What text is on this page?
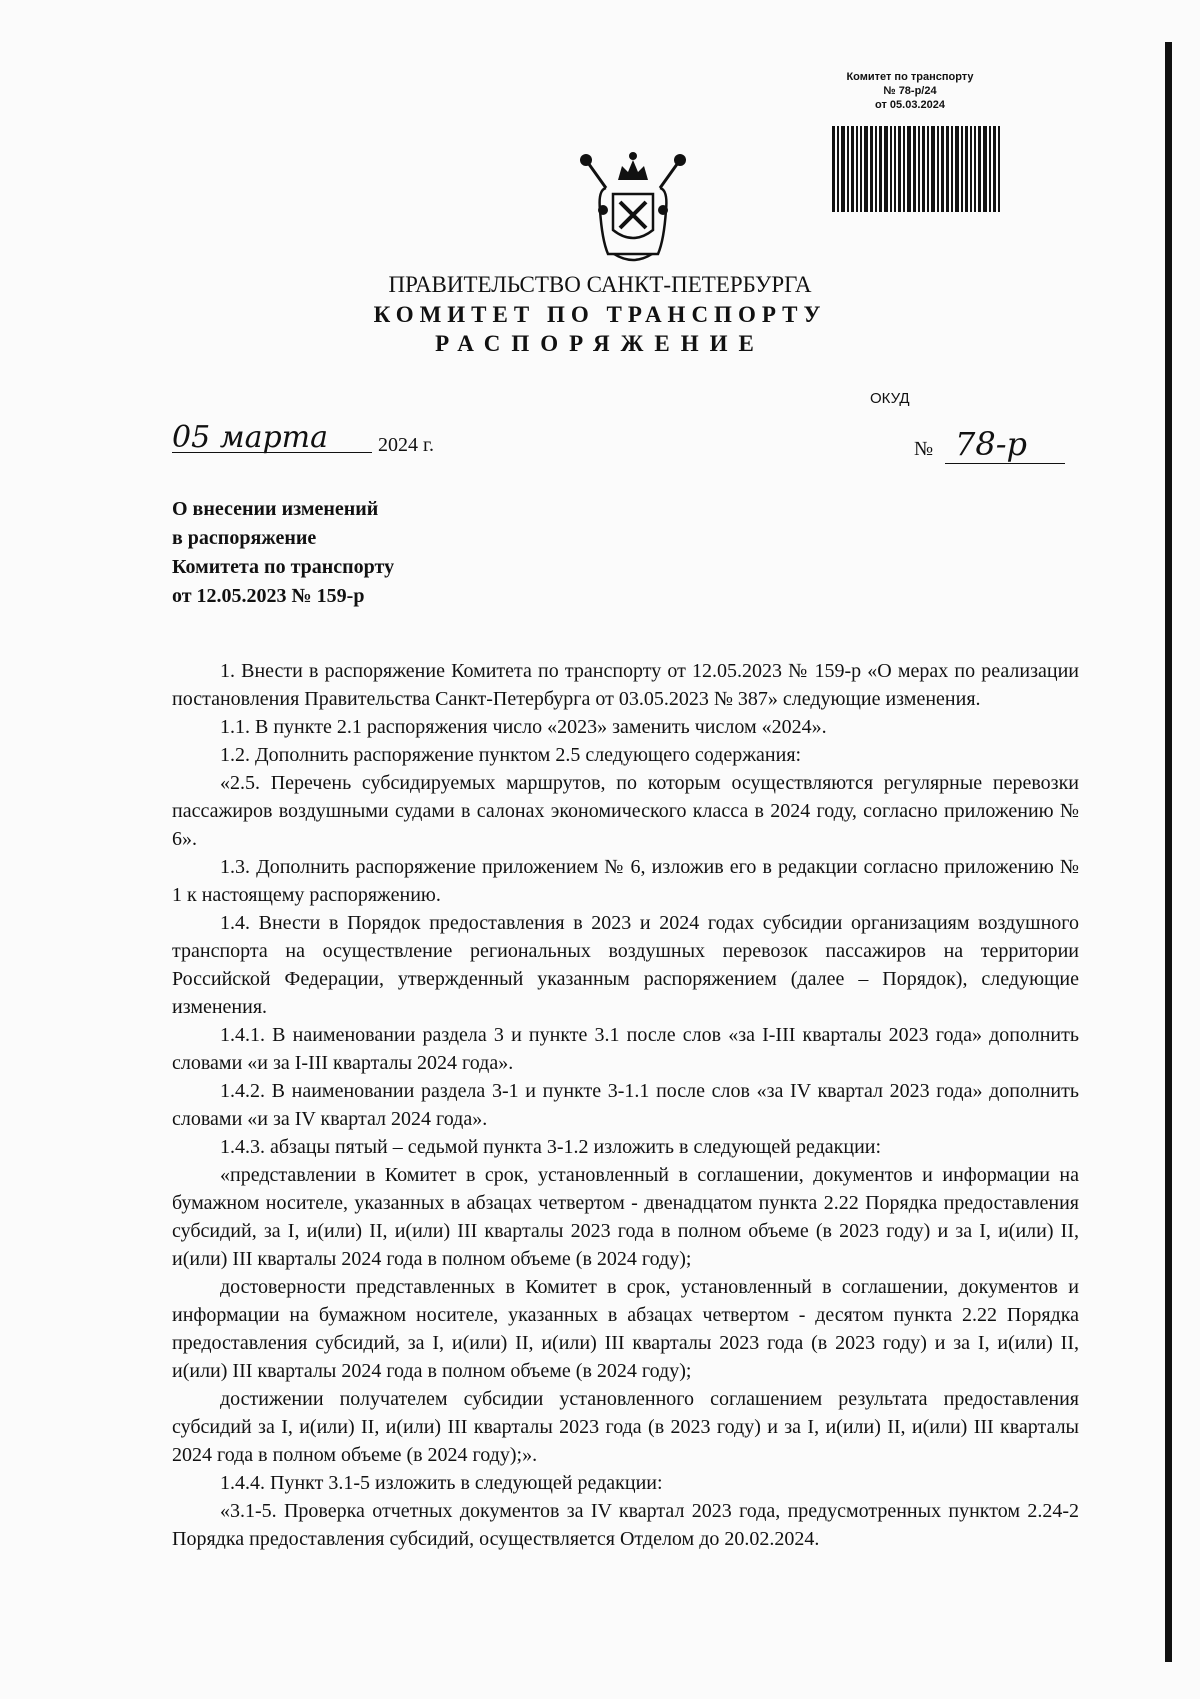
Комитет по транспорту
№ 78-р/24
от 05.03.2024
ПРАВИТЕЛЬСТВО САНКТ-ПЕТЕРБУРГА
КОМИТЕТ ПО ТРАНСПОРТУ
РАСПОРЯЖЕНИЕ
ОКУД
05 марта 2024 г.	№ 78-р
О внесении изменений
в распоряжение
Комитета по транспорту
от 12.05.2023 № 159-р

1. Внести в распоряжение Комитета по транспорту от 12.05.2023 № 159-р «О мерах по реализации постановления Правительства Санкт-Петербурга от 03.05.2023 № 387» следующие изменения.

1.1. В пункте 2.1 распоряжения число «2023» заменить числом «2024».

1.2. Дополнить распоряжение пунктом 2.5 следующего содержания:

«2.5. Перечень субсидируемых маршрутов, по которым осуществляются регулярные перевозки пассажиров воздушными судами в салонах экономического класса в 2024 году, согласно приложению № 6».

1.3. Дополнить распоряжение приложением № 6, изложив его в редакции согласно приложению № 1 к настоящему распоряжению.

1.4. Внести в Порядок предоставления в 2023 и 2024 годах субсидии организациям воздушного транспорта на осуществление региональных воздушных перевозок пассажиров на территории Российской Федерации, утвержденный указанным распоряжением (далее – Порядок), следующие изменения.

1.4.1. В наименовании раздела 3 и пункте 3.1 после слов «за I-III кварталы 2023 года» дополнить словами «и за I-III кварталы 2024 года».

1.4.2. В наименовании раздела 3-1 и пункте 3-1.1 после слов «за IV квартал 2023 года» дополнить словами «и за IV квартал 2024 года».

1.4.3. абзацы пятый – седьмой пункта 3-1.2 изложить в следующей редакции:

«представлении в Комитет в срок, установленный в соглашении, документов и информации на бумажном носителе, указанных в абзацах четвертом - двенадцатом пункта 2.22 Порядка предоставления субсидий, за I, и(или) II, и(или) III кварталы 2023 года в полном объеме (в 2023 году) и за I, и(или) II, и(или) III кварталы 2024 года в полном объеме (в 2024 году);

достоверности представленных в Комитет в срок, установленный в соглашении, документов и информации на бумажном носителе, указанных в абзацах четвертом - десятом пункта 2.22 Порядка предоставления субсидий, за I, и(или) II, и(или) III кварталы 2023 года (в 2023 году) и за I, и(или) II, и(или) III кварталы 2024 года в полном объеме (в 2024 году);

достижении получателем субсидии установленного соглашением результата предоставления субсидий за I, и(или) II, и(или) III кварталы 2023 года (в 2023 году) и за I, и(или) II, и(или) III кварталы 2024 года в полном объеме (в 2024 году);».

1.4.4. Пункт 3.1-5 изложить в следующей редакции:

«3.1-5. Проверка отчетных документов за IV квартал 2023 года, предусмотренных пунктом 2.24-2 Порядка предоставления субсидий, осуществляется Отделом до 20.02.2024.
